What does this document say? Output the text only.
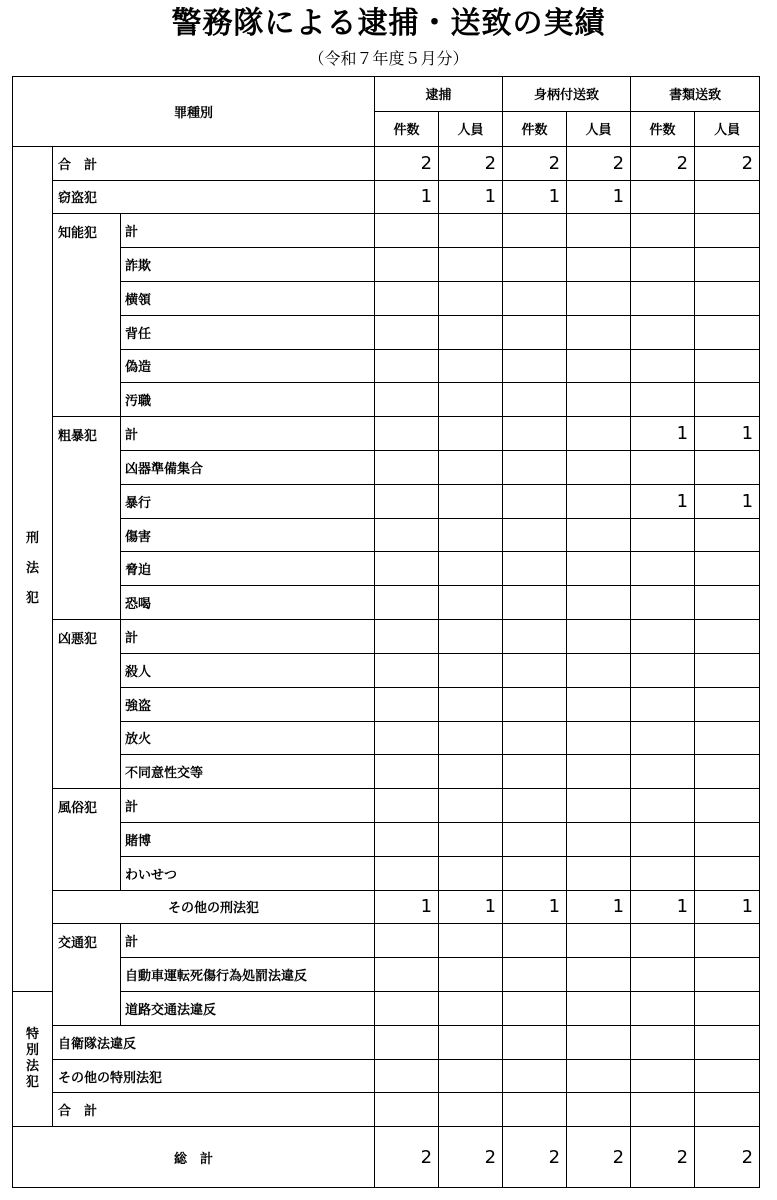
警務隊による逮捕・送致の実績
（令和７年度５月分）
罪種別			逮捕		身柄付送致		書類送致	
			件数	人員	件数	人員	件数	人員

刑
法
犯	合　計		2	2	2	2	2	2
	窃盗犯		1	1	1	1		
	知能犯	計						
		詐欺						
		横領						
		背任						
		偽造						
		汚職						
	粗暴犯	計					1	1
		凶器準備集合						
		暴行					1	1
		傷害						
		脅迫						
		恐喝						
	凶悪犯	計						
		殺人						
		強盗						
		放火						
		不同意性交等						
	風俗犯	計						
		賭博						
		わいせつ						
	その他の刑法犯		1	1	1	1	1	1
	交通犯	計						
		自動車運転死傷行為処罰法違反						

特
別
法
犯		道路交通法違反						
	自衛隊法違反							
	その他の特別法犯							
	合　計							
総　計			2	2	2	2	2	2
